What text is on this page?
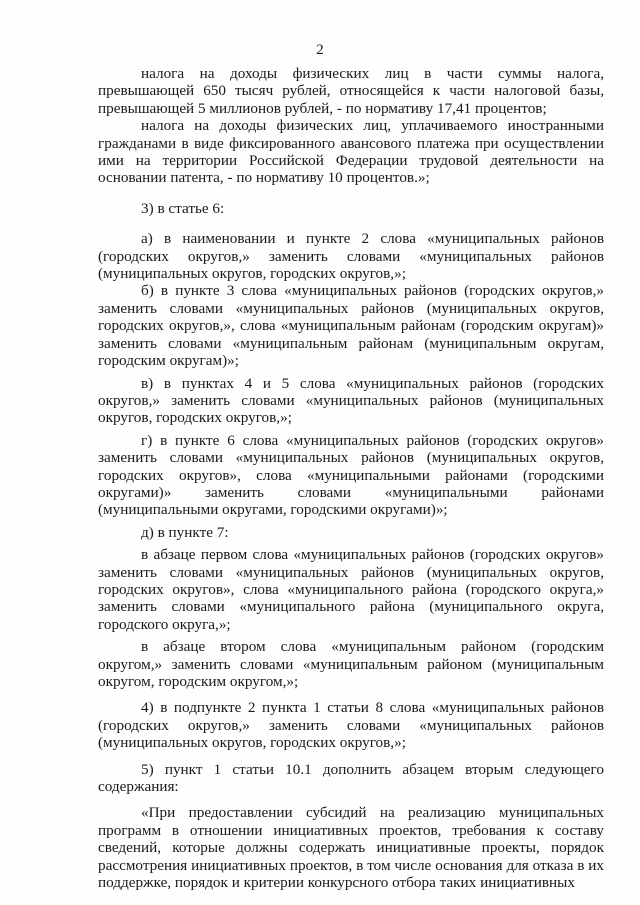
2

налога на доходы физических лиц в части суммы налога, превышающей 650 тысяч рублей, относящейся к части налоговой базы, превышающей 5 миллионов рублей, - по нормативу 17,41 процентов;

налога на доходы физических лиц, уплачиваемого иностранными гражданами в виде фиксированного авансового платежа при осуществлении ими на территории Российской Федерации трудовой деятельности на основании патента, - по нормативу 10 процентов.»;

3) в статье 6:

а) в наименовании и пункте 2 слова «муниципальных районов (городских округов,» заменить словами «муниципальных районов (муниципальных округов, городских округов,»;

б) в пункте 3 слова «муниципальных районов (городских округов,» заменить словами «муниципальных районов (муниципальных округов, городских округов,», слова «муниципальным районам (городским округам)» заменить словами «муниципальным районам (муниципальным округам, городским округам)»;

в) в пунктах 4 и 5 слова «муниципальных районов (городских округов,» заменить словами «муниципальных районов (муниципальных округов, городских округов,»;

г) в пункте 6 слова «муниципальных районов (городских округов» заменить словами «муниципальных районов (муниципальных округов, городских округов», слова «муниципальными районами (городскими округами)» заменить словами «муниципальными районами (муниципальными округами, городскими округами)»;

д) в пункте 7:

в абзаце первом слова «муниципальных районов (городских округов» заменить словами «муниципальных районов (муниципальных округов, городских округов», слова «муниципального района (городского округа,» заменить словами «муниципального района (муниципального округа, городского округа,»;

в абзаце втором слова «муниципальным районом (городским округом,» заменить словами «муниципальным районом (муниципальным округом, городским округом,»;

4) в подпункте 2 пункта 1 статьи 8 слова «муниципальных районов (городских округов,» заменить словами «муниципальных районов (муниципальных округов, городских округов,»;

5) пункт 1 статьи 10.1 дополнить абзацем вторым следующего содержания:

«При предоставлении субсидий на реализацию муниципальных программ в отношении инициативных проектов, требования к составу сведений, которые должны содержать инициативные проекты, порядок рассмотрения инициативных проектов, в том числе основания для отказа в их поддержке, порядок и критерии конкурсного отбора таких инициативных
